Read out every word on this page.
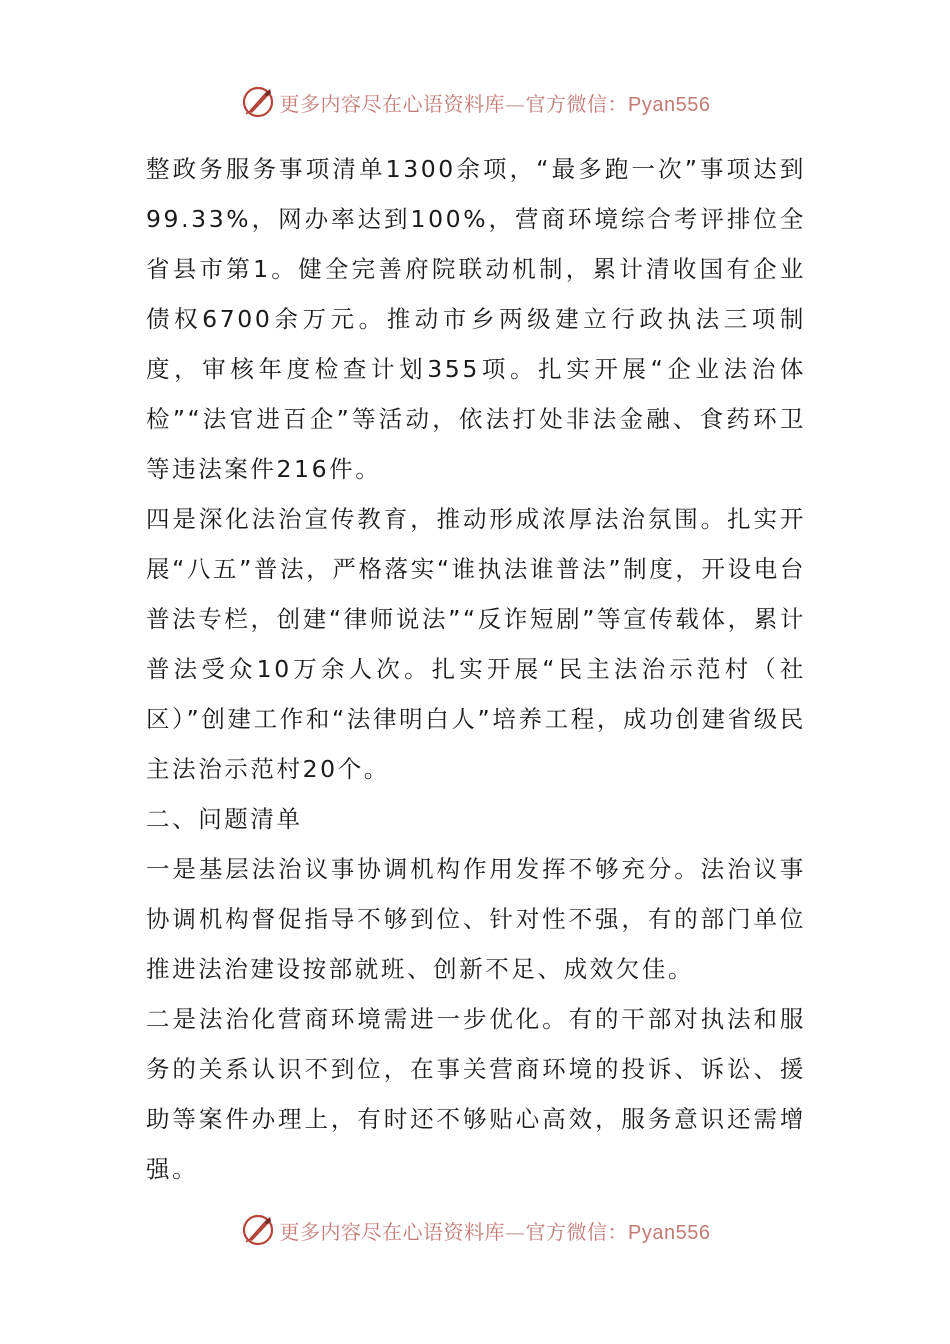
更多内容尽在心语资料库—官方微信：Pyan556

整政务服务事项清单1300余项，“最多跑一次”事项达到99.33%，网办率达到100%，营商环境综合考评排位全省县市第1。健全完善府院联动机制，累计清收国有企业债权6700余万元。推动市乡两级建立行政执法三项制度，审核年度检查计划355项。扎实开展“企业法治体检”“法官进百企”等活动，依法打处非法金融、食药环卫等违法案件216件。

四是深化法治宣传教育，推动形成浓厚法治氛围。扎实开展“八五”普法，严格落实“谁执法谁普法”制度，开设电台普法专栏，创建“律师说法”“反诈短剧”等宣传载体，累计普法受众10万余人次。扎实开展“民主法治示范村（社区）”创建工作和“法律明白人”培养工程，成功创建省级民主法治示范村20个。

二、问题清单

一是基层法治议事协调机构作用发挥不够充分。法治议事协调机构督促指导不够到位、针对性不强，有的部门单位推进法治建设按部就班、创新不足、成效欠佳。

二是法治化营商环境需进一步优化。有的干部对执法和服务的关系认识不到位，在事关营商环境的投诉、诉讼、援助等案件办理上，有时还不够贴心高效，服务意识还需增强。

更多内容尽在心语资料库—官方微信：Pyan556
